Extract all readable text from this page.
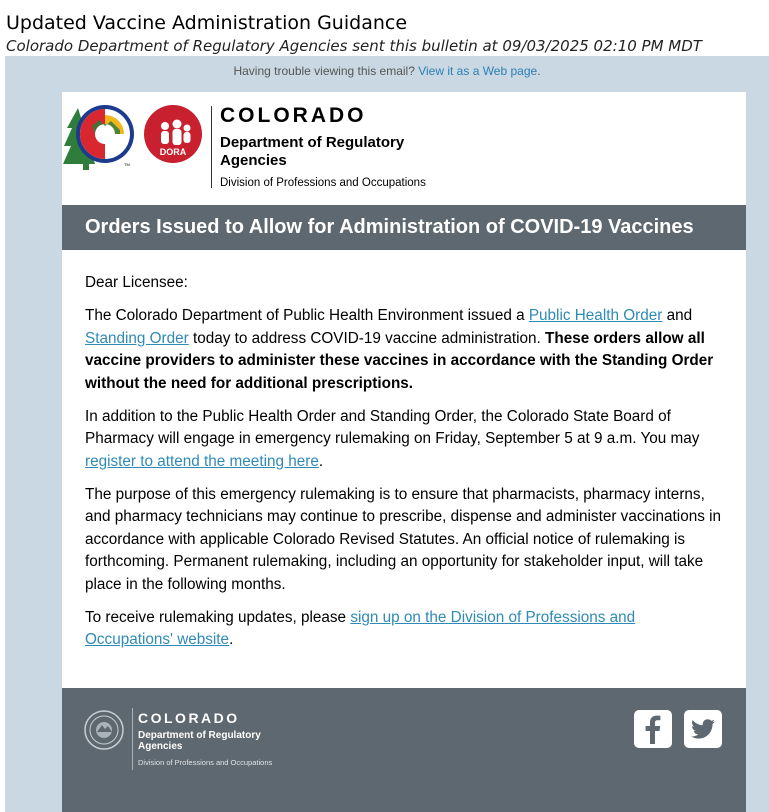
Updated Vaccine Administration Guidance
Colorado Department of Regulatory Agencies sent this bulletin at 09/03/2025 02:10 PM MDT
Having trouble viewing this email? View it as a Web page.
TM
DORA
COLORADO
Department of Regulatory Agencies
Division of Professions and Occupations
Orders Issued to Allow for Administration of COVID-19 Vaccines

Dear Licensee:

The Colorado Department of Public Health Environment issued a Public Health Order and Standing Order today to address COVID-19 vaccine administration. These orders allow all vaccine providers to administer these vaccines in accordance with the Standing Order without the need for additional prescriptions.

In addition to the Public Health Order and Standing Order, the Colorado State Board of Pharmacy will engage in emergency rulemaking on Friday, September 5 at 9 a.m. You may register to attend the meeting here.

The purpose of this emergency rulemaking is to ensure that pharmacists, pharmacy interns, and pharmacy technicians may continue to prescribe, dispense and administer vaccinations in accordance with applicable Colorado Revised Statutes. An official notice of rulemaking is forthcoming. Permanent rulemaking, including an opportunity for stakeholder input, will take place in the following months.

To receive rulemaking updates, please sign up on the Division of Professions and Occupations' website.

COLORADO
Department of Regulatory Agencies
Division of Professions and Occupations
